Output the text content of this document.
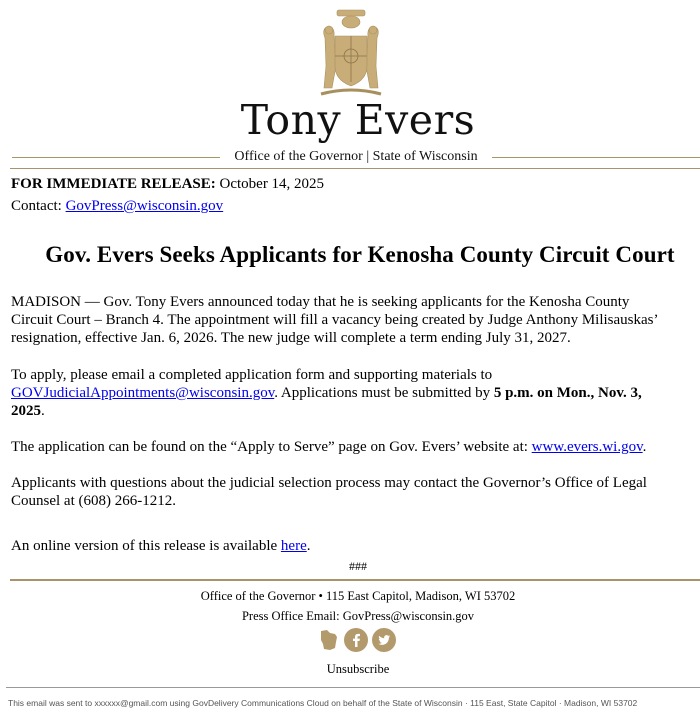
Tony Evers
Office of the Governor | State of Wisconsin
FOR IMMEDIATE RELEASE: October 14, 2025
Contact: GovPress@wisconsin.gov
Gov. Evers Seeks Applicants for Kenosha County Circuit Court
MADISON — Gov. Tony Evers announced today that he is seeking applicants for the Kenosha County
Circuit Court – Branch 4. The appointment will fill a vacancy being created by Judge Anthony Milisauskas’
resignation, effective Jan. 6, 2026. The new judge will complete a term ending July 31, 2027.
To apply, please email a completed application form and supporting materials to
GOVJudicialAppointments@wisconsin.gov. Applications must be submitted by 5 p.m. on Mon., Nov. 3,
2025.
The application can be found on the “Apply to Serve” page on Gov. Evers’ website at: www.evers.wi.gov.
Applicants with questions about the judicial selection process may contact the Governor’s Office of Legal
Counsel at (608) 266-1212.
An online version of this release is available here.
###
Office of the Governor • 115 East Capitol, Madison, WI 53702
Press Office Email: GovPress@wisconsin.gov
Unsubscribe
This email was sent to xxxxxx@gmail.com using GovDelivery Communications Cloud on behalf of the State of Wisconsin · 115 East, State Capitol · Madison, WI 53702
